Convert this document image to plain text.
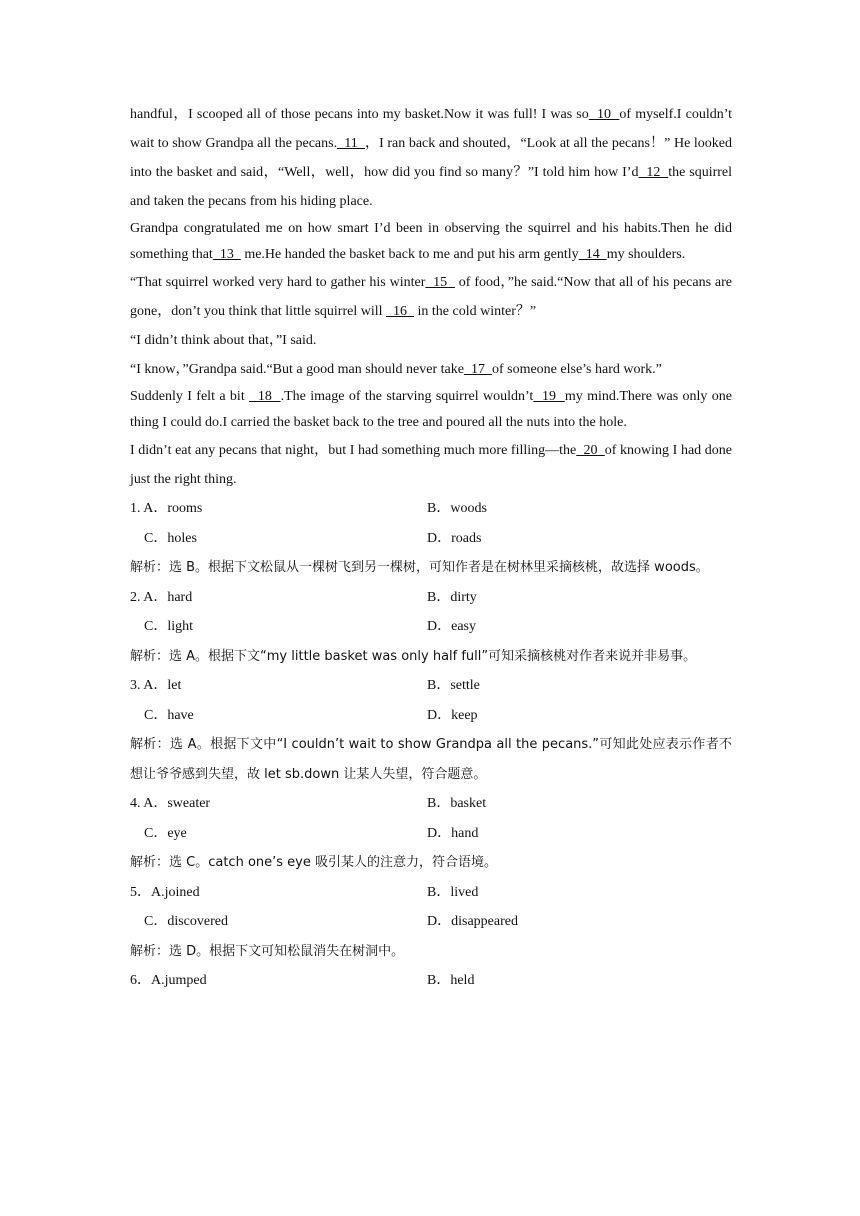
handful，I scooped all of those pecans into my basket.Now it was full! I was so  10  of myself.I couldn’t wait to show Grandpa all the pecans.  11  ，I ran back and shouted，“Look at all the pecans！” He looked into the basket and said，“Well，well，how did you find so many？”I told him how I’d  12  the squirrel and taken the pecans from his hiding place.

Grandpa congratulated me on how smart I’d been in observing the squirrel and his habits.Then he did something that  13   me.He handed the basket back to me and put his arm gently  14  my shoulders.

“That squirrel worked very hard to gather his winter  15   of food，”he said.“Now that all of his pecans are gone，don’t you think that little squirrel will   16   in the cold winter？”

“I didn’t think about that，”I said.

“I know，”Grandpa said.“But a good man should never take  17  of someone else’s hard work.”

Suddenly I felt a bit   18  .The image of the starving squirrel wouldn’t  19  my mind.There was only one thing I could do.I carried the basket back to the tree and poured all the nuts into the hole.

I didn’t eat any pecans that night，but I had something much more filling—the  20  of knowing I had done just the right thing.

1. A．rooms	B．woods
C．holes	D．roads
解析：选 B。根据下文松鼠从一棵树飞到另一棵树，可知作者是在树林里采摘核桃，故选择 woods。
2. A．hard	B．dirty
C．light	D．easy
解析：选 A。根据下文“my little basket was only half full”可知采摘核桃对作者来说并非易事。
3. A．let	B．settle
C．have	D．keep
解析：选 A。根据下文中“I couldn’t wait to show Grandpa all the pecans.”可知此处应表示作者不想让爷爷感到失望，故 let sb.down 让某人失望，符合题意。
4. A．sweater	B．basket
C．eye	D．hand
解析：选 C。catch one’s eye 吸引某人的注意力，符合语境。
5．A.joined	B．lived
C．discovered	D．disappeared
解析：选 D。根据下文可知松鼠消失在树洞中。
6．A.jumped	B．held
